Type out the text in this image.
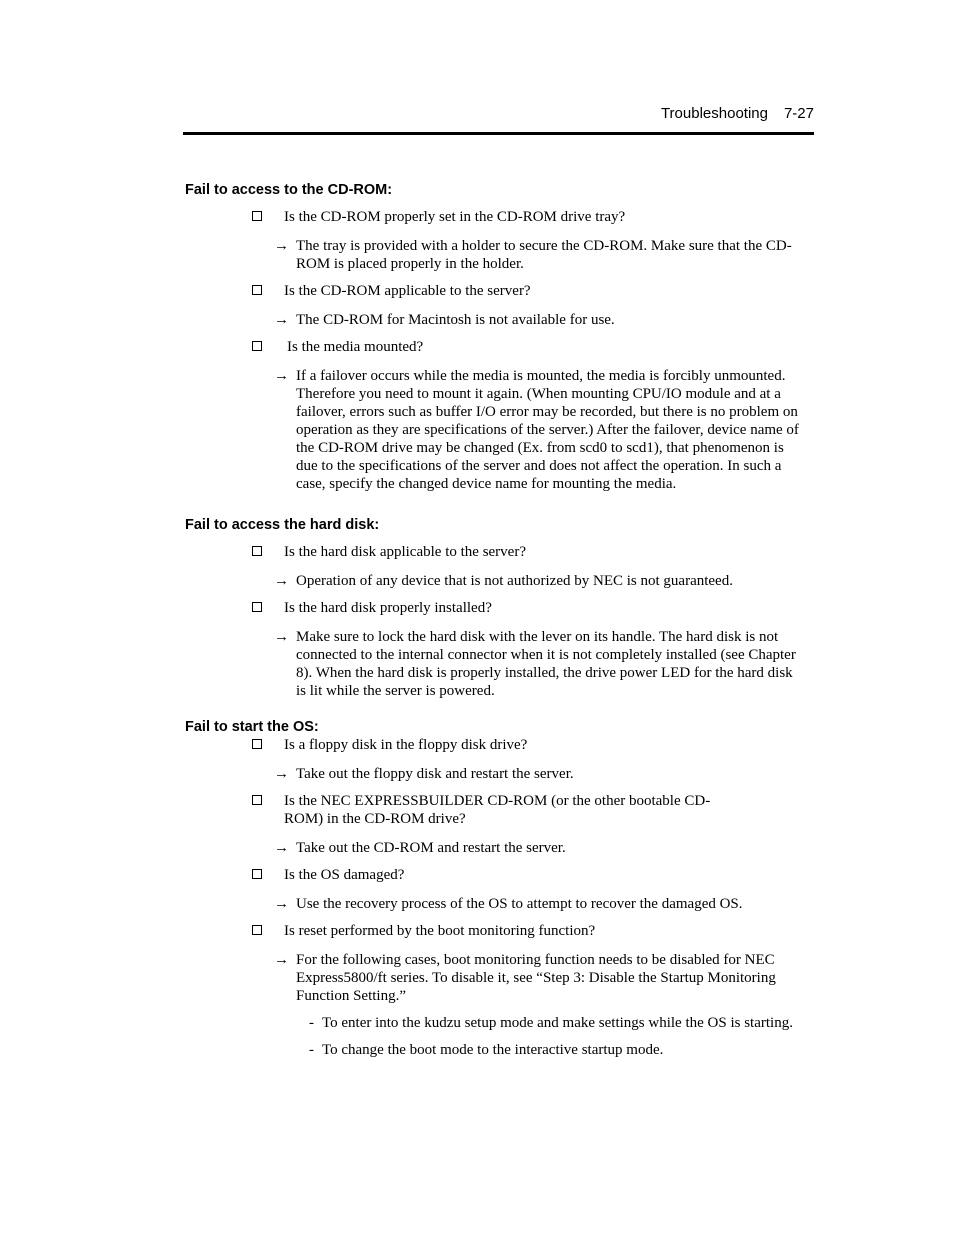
Troubleshooting 7-27
Fail to access to the CD-ROM:
Is the CD-ROM properly set in the CD-ROM drive tray?
→ The tray is provided with a holder to secure the CD-ROM. Make sure that the CD-ROM is placed properly in the holder.
Is the CD-ROM applicable to the server?
→ The CD-ROM for Macintosh is not available for use.
Is the media mounted?
→ If a failover occurs while the media is mounted, the media is forcibly unmounted. Therefore you need to mount it again. (When mounting CPU/IO module and at a failover, errors such as buffer I/O error may be recorded, but there is no problem on operation as they are specifications of the server.) After the failover, device name of the CD-ROM drive may be changed (Ex. from scd0 to scd1), that phenomenon is due to the specifications of the server and does not affect the operation. In such a case, specify the changed device name for mounting the media.
Fail to access the hard disk:
Is the hard disk applicable to the server?
→ Operation of any device that is not authorized by NEC is not guaranteed.
Is the hard disk properly installed?
→ Make sure to lock the hard disk with the lever on its handle. The hard disk is not connected to the internal connector when it is not completely installed (see Chapter 8). When the hard disk is properly installed, the drive power LED for the hard disk is lit while the server is powered.
Fail to start the OS:
Is a floppy disk in the floppy disk drive?
→ Take out the floppy disk and restart the server.
Is the NEC EXPRESSBUILDER CD-ROM (or the other bootable CD-ROM) in the CD-ROM drive?
→ Take out the CD-ROM and restart the server.
Is the OS damaged?
→ Use the recovery process of the OS to attempt to recover the damaged OS.
Is reset performed by the boot monitoring function?
→ For the following cases, boot monitoring function needs to be disabled for NEC Express5800/ft series. To disable it, see “Step 3: Disable the Startup Monitoring Function Setting.”
- To enter into the kudzu setup mode and make settings while the OS is starting.
- To change the boot mode to the interactive startup mode.
